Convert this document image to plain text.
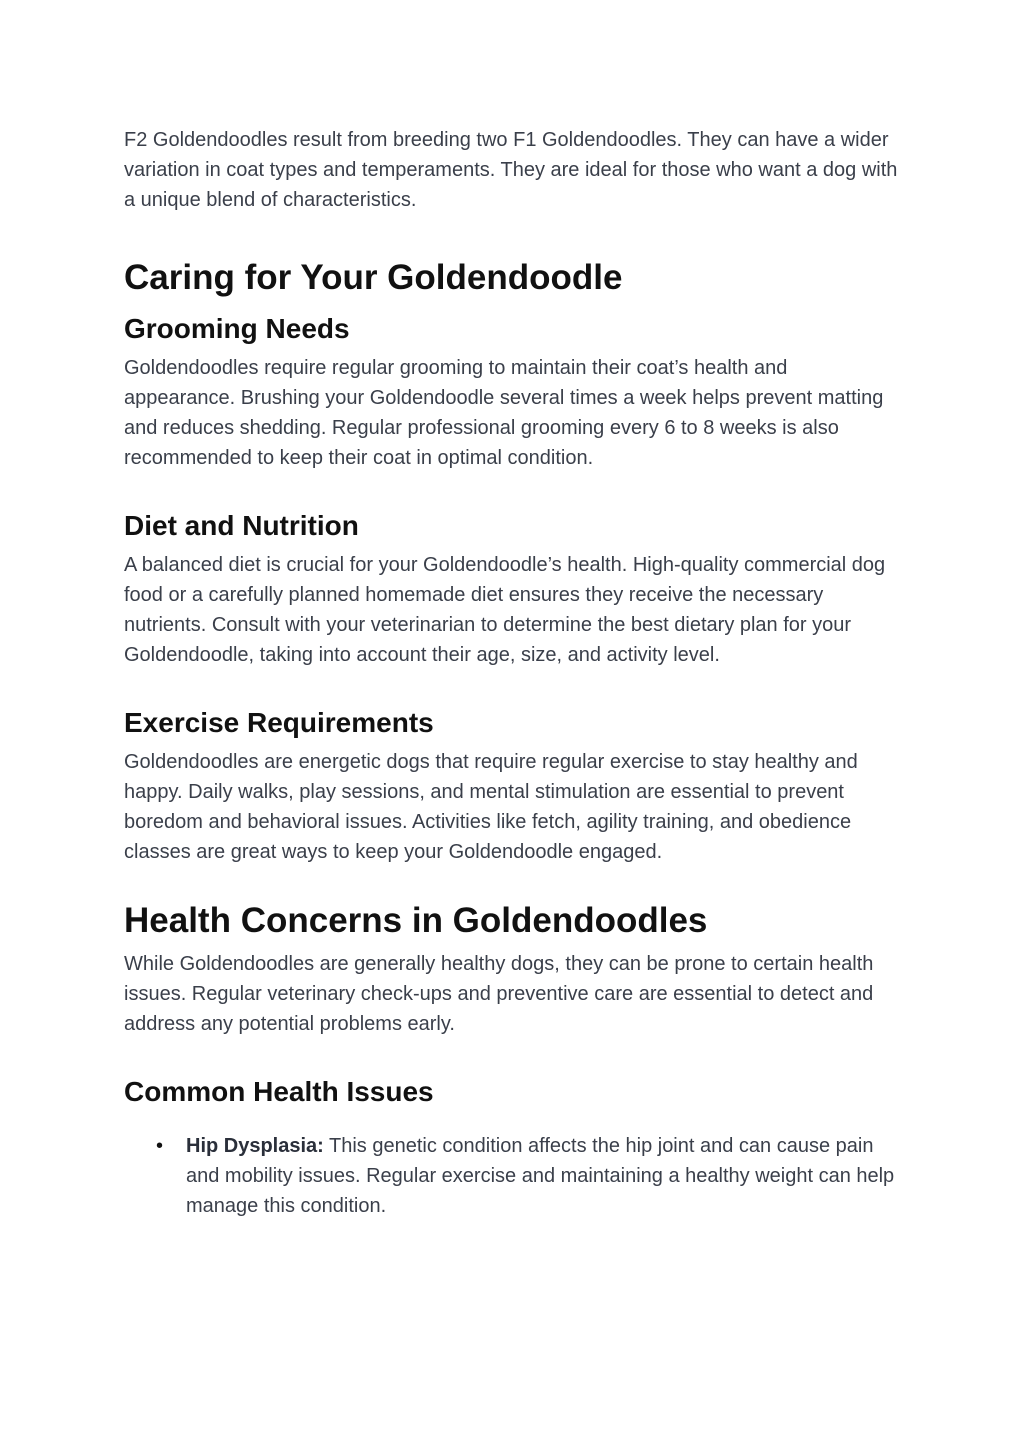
F2 Goldendoodles result from breeding two F1 Goldendoodles. They can have a wider variation in coat types and temperaments. They are ideal for those who want a dog with a unique blend of characteristics.

Caring for Your Goldendoodle
Grooming Needs

Goldendoodles require regular grooming to maintain their coat’s health and appearance. Brushing your Goldendoodle several times a week helps prevent matting and reduces shedding. Regular professional grooming every 6 to 8 weeks is also recommended to keep their coat in optimal condition.

Diet and Nutrition

A balanced diet is crucial for your Goldendoodle’s health. High-quality commercial dog food or a carefully planned homemade diet ensures they receive the necessary nutrients. Consult with your veterinarian to determine the best dietary plan for your Goldendoodle, taking into account their age, size, and activity level.

Exercise Requirements

Goldendoodles are energetic dogs that require regular exercise to stay healthy and happy. Daily walks, play sessions, and mental stimulation are essential to prevent boredom and behavioral issues. Activities like fetch, agility training, and obedience classes are great ways to keep your Goldendoodle engaged.

Health Concerns in Goldendoodles

While Goldendoodles are generally healthy dogs, they can be prone to certain health issues. Regular veterinary check-ups and preventive care are essential to detect and address any potential problems early.

Common Health Issues
• Hip Dysplasia: This genetic condition affects the hip joint and can cause pain and mobility issues. Regular exercise and maintaining a healthy weight can help manage this condition.
